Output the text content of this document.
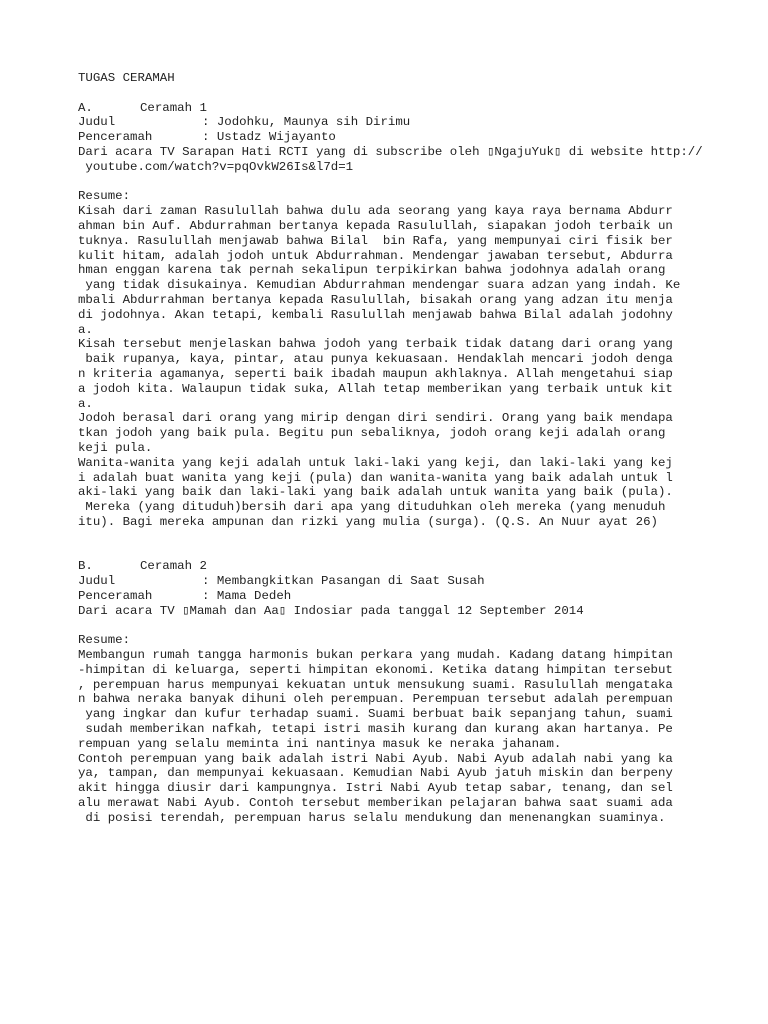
TUGAS CERAMAH
A.	Ceramah 1
Judul	: Jodohku, Maunya sih Dirimu
Penceramah	: Ustadz Wijayanto
Dari acara TV Sarapan Hati RCTI yang di subscribe oleh ▯NgajuYuk▯ di website http://
youtube.com/watch?v=pqOvkW26Is&l7d=1
Resume:
Kisah dari zaman Rasulullah bahwa dulu ada seorang yang kaya raya bernama Abdurr
ahman bin Auf. Abdurrahman bertanya kepada Rasulullah, siapakan jodoh terbaik un
tuknya. Rasulullah menjawab bahwa Bilal  bin Rafa, yang mempunyai ciri fisik ber
kulit hitam, adalah jodoh untuk Abdurrahman. Mendengar jawaban tersebut, Abdurra
hman enggan karena tak pernah sekalipun terpikirkan bahwa jodohnya adalah orang
yang tidak disukainya. Kemudian Abdurrahman mendengar suara adzan yang indah. Ke
mbali Abdurrahman bertanya kepada Rasulullah, bisakah orang yang adzan itu menja
di jodohnya. Akan tetapi, kembali Rasulullah menjawab bahwa Bilal adalah jodohny
a.
Kisah tersebut menjelaskan bahwa jodoh yang terbaik tidak datang dari orang yang
baik rupanya, kaya, pintar, atau punya kekuasaan. Hendaklah mencari jodoh denga
n kriteria agamanya, seperti baik ibadah maupun akhlaknya. Allah mengetahui siap
a jodoh kita. Walaupun tidak suka, Allah tetap memberikan yang terbaik untuk kit
a.
Jodoh berasal dari orang yang mirip dengan diri sendiri. Orang yang baik mendapa
tkan jodoh yang baik pula. Begitu pun sebaliknya, jodoh orang keji adalah orang
keji pula.
Wanita-wanita yang keji adalah untuk laki-laki yang keji, dan laki-laki yang kej
i adalah buat wanita yang keji (pula) dan wanita-wanita yang baik adalah untuk l
aki-laki yang baik dan laki-laki yang baik adalah untuk wanita yang baik (pula).
Mereka (yang dituduh)bersih dari apa yang dituduhkan oleh mereka (yang menuduh
itu). Bagi mereka ampunan dan rizki yang mulia (surga). (Q.S. An Nuur ayat 26)
B.	Ceramah 2
Judul	: Membangkitkan Pasangan di Saat Susah
Penceramah	: Mama Dedeh
Dari acara TV ▯Mamah dan Aa▯ Indosiar pada tanggal 12 September 2014
Resume:
Membangun rumah tangga harmonis bukan perkara yang mudah. Kadang datang himpitan
-himpitan di keluarga, seperti himpitan ekonomi. Ketika datang himpitan tersebut
, perempuan harus mempunyai kekuatan untuk mensukung suami. Rasulullah mengataka
n bahwa neraka banyak dihuni oleh perempuan. Perempuan tersebut adalah perempuan
yang ingkar dan kufur terhadap suami. Suami berbuat baik sepanjang tahun, suami
sudah memberikan nafkah, tetapi istri masih kurang dan kurang akan hartanya. Pe
rempuan yang selalu meminta ini nantinya masuk ke neraka jahanam.
Contoh perempuan yang baik adalah istri Nabi Ayub. Nabi Ayub adalah nabi yang ka
ya, tampan, dan mempunyai kekuasaan. Kemudian Nabi Ayub jatuh miskin dan berpeny
akit hingga diusir dari kampungnya. Istri Nabi Ayub tetap sabar, tenang, dan sel
alu merawat Nabi Ayub. Contoh tersebut memberikan pelajaran bahwa saat suami ada
di posisi terendah, perempuan harus selalu mendukung dan menenangkan suaminya.
